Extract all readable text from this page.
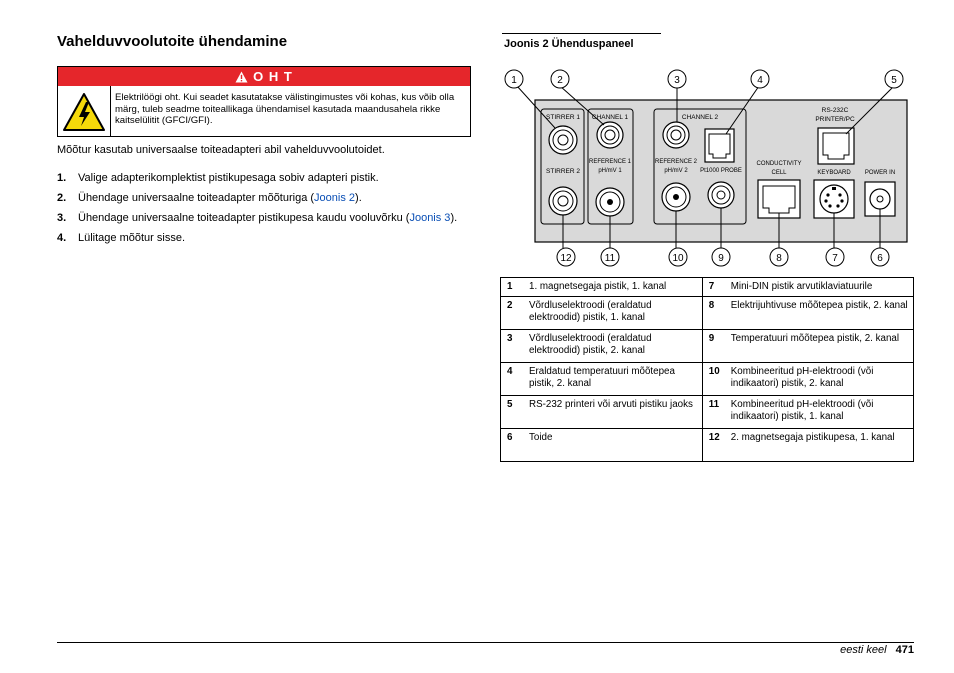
Vahelduvvoolutoite ühendamine
O H T
Elektrilöögi oht. Kui seadet kasutatakse välistingimustes või kohas, kus võib olla märg, tuleb seadme toiteallikaga ühendamisel kasutada maandusahela rikke kaitselülitit (GFCI/GFI).

Mõõtur kasutab universaalse toiteadapteri abil vahelduvvoolutoidet.

1.	Valige adapterikomplektist pistikupesaga sobiv adapteri pistik.
2.	Ühendage universaalne toiteadapter mõõturiga (Joonis 2).
3.	Ühendage universaalne toiteadapter pistikupesa kaudu vooluvõrku (Joonis 3).
4.	Lülitage mõõtur sisse.
Joonis 2 Ühenduspaneel
STIRRER 1
STIRRER 2
CHANNEL 1
REFERENCE 1
pH/mV 1
CHANNEL 2
REFERENCE 2
pH/mV 2 Pt1000 PROBE
RS-232C
PRINTER/PC
CONDUCTIVITY
CELL	KEYBOARD POWER IN
1	2	3	4	5
12	11	10	9	8	7	6
1	1. magnetsegaja pistik, 1. kanal	7	Mini-DIN pistik arvutiklaviatuurile
2	Võrdluselektroodi (eraldatud elektroodid) pistik, 1. kanal	8	Elektrijuhtivuse mõõtepea pistik, 2. kanal
3	Võrdluselektroodi (eraldatud elektroodid) pistik, 2. kanal	9	Temperatuuri mõõtepea pistik, 2. kanal
4	Eraldatud temperatuuri mõõtepea pistik, 2. kanal	10	Kombineeritud pH-elektroodi (või indikaatori) pistik, 2. kanal
5	RS-232 printeri või arvuti pistiku jaoks	11	Kombineeritud pH-elektroodi (või indikaatori) pistik, 1. kanal
6	Toide	12	2. magnetsegaja pistikupesa, 1. kanal
eesti keel 471
